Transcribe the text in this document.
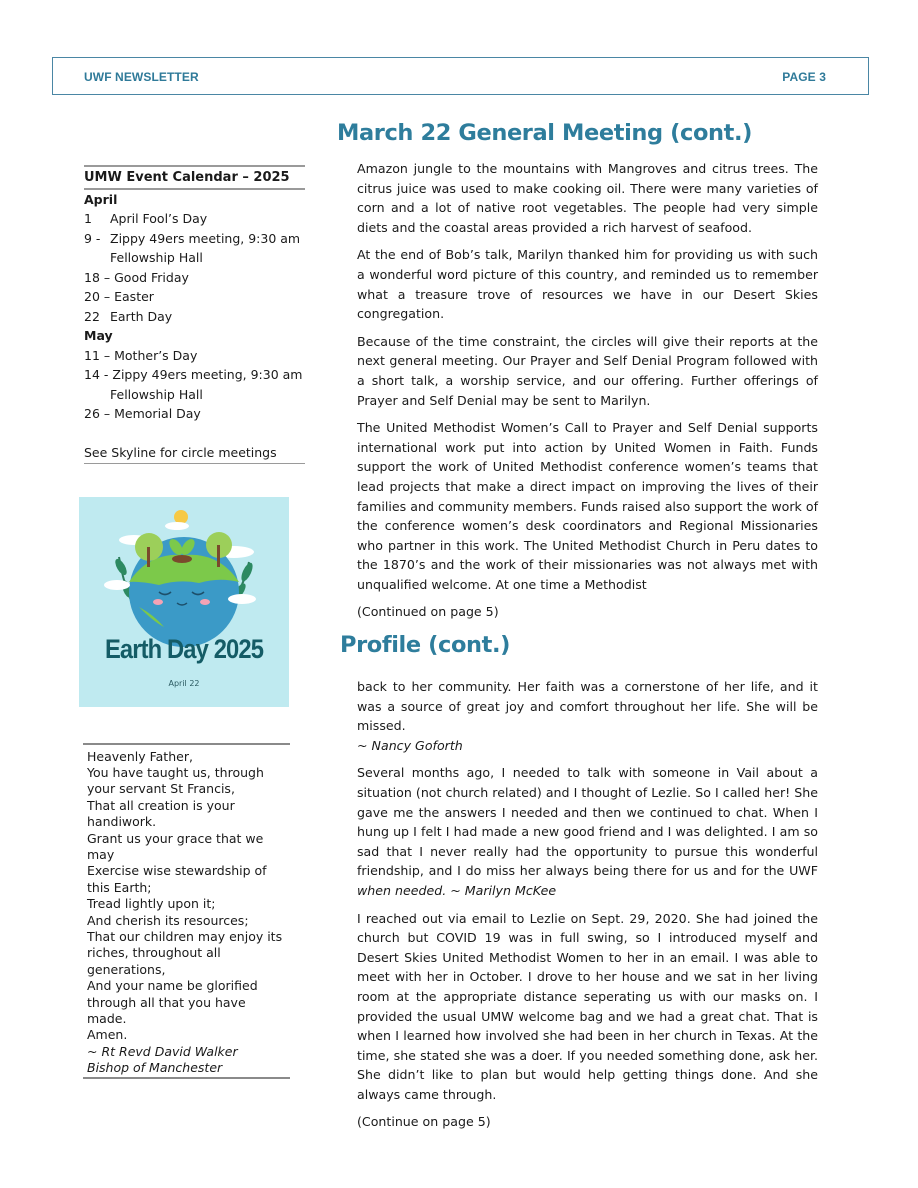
UWF NEWSLETTER	PAGE 3
UMW Event Calendar – 2025
April
1	April Fool’s Day
9 - Zippy 49ers meeting, 9:30 am
Fellowship Hall
18 –
Good Friday
20 –
Easter
22 Earth Day
May
11 –
Mother’s Day
14 -
Zippy 49ers meeting, 9:30 am
Fellowship Hall
26 –
Memorial Day
See Skyline for circle meetings
Earth Day 2025
April 22
Heavenly Father,
You have taught us, through
your servant St Francis,
That all creation is your
handiwork.
Grant us your grace that we
may
Exercise wise stewardship of
this Earth;
Tread lightly upon it;
And cherish its resources;
That our children may enjoy its
riches, throughout all
generations,
And your name be glorified
through all that you have
made.
Amen.
~ Rt Revd David Walker
Bishop of Manchester
March 22 General Meeting (cont.)

Amazon jungle to the mountains with Mangroves and citrus trees. The citrus juice was used to make cooking oil. There were many varieties of corn and a lot of native root vegetables. The people had very simple diets and the coastal areas provided a rich harvest of seafood.

At the end of Bob’s talk, Marilyn thanked him for providing us with such a wonderful word picture of this country, and reminded us to remember what a treasure trove of resources we have in our Desert Skies congregation.

Because of the time constraint, the circles will give their reports at the next general meeting. Our Prayer and Self Denial Program followed with a short talk, a worship service, and our offering. Further offerings of Prayer and Self Denial may be sent to Marilyn.

The United Methodist Women’s Call to Prayer and Self Denial supports international work put into action by United Women in Faith. Funds support the work of United Methodist conference women’s teams that lead projects that make a direct impact on improving the lives of their families and community members. Funds raised also support the work of the conference women’s desk coordinators and Regional Missionaries who partner in this work. The United Methodist Church in Peru dates to the 1870’s and the work of their missionaries was not always met with unqualified welcome. At one time a Methodist

(Continued on page 5)

Profile (cont.)

back to her community. Her faith was a cornerstone of her life, and it was a source of great joy and comfort throughout her life. She will be missed.
~ Nancy Goforth

Several months ago, I needed to talk with someone in Vail about a situation (not church related) and I thought of Lezlie. So I called her! She gave me the answers I needed and then we continued to chat. When I hung up I felt I had made a new good friend and I was delighted. I am so sad that I never really had the opportunity to pursue this wonderful friendship, and I do miss her always being there for us and for the UWF when needed. ~ Marilyn McKee

I reached out via email to Lezlie on Sept. 29, 2020. She had joined the church but COVID 19 was in full swing, so I introduced myself and Desert Skies United Methodist Women to her in an email. I was able to meet with her in October. I drove to her house and we sat in her living room at the appropriate distance seperating us with our masks on. I provided the usual UMW welcome bag and we had a great chat. That is when I learned how involved she had been in her church in Texas. At the time, she stated she was a doer. If you needed something done, ask her. She didn’t like to plan but would help getting things done. And she always came through.

(Continue on page 5)
